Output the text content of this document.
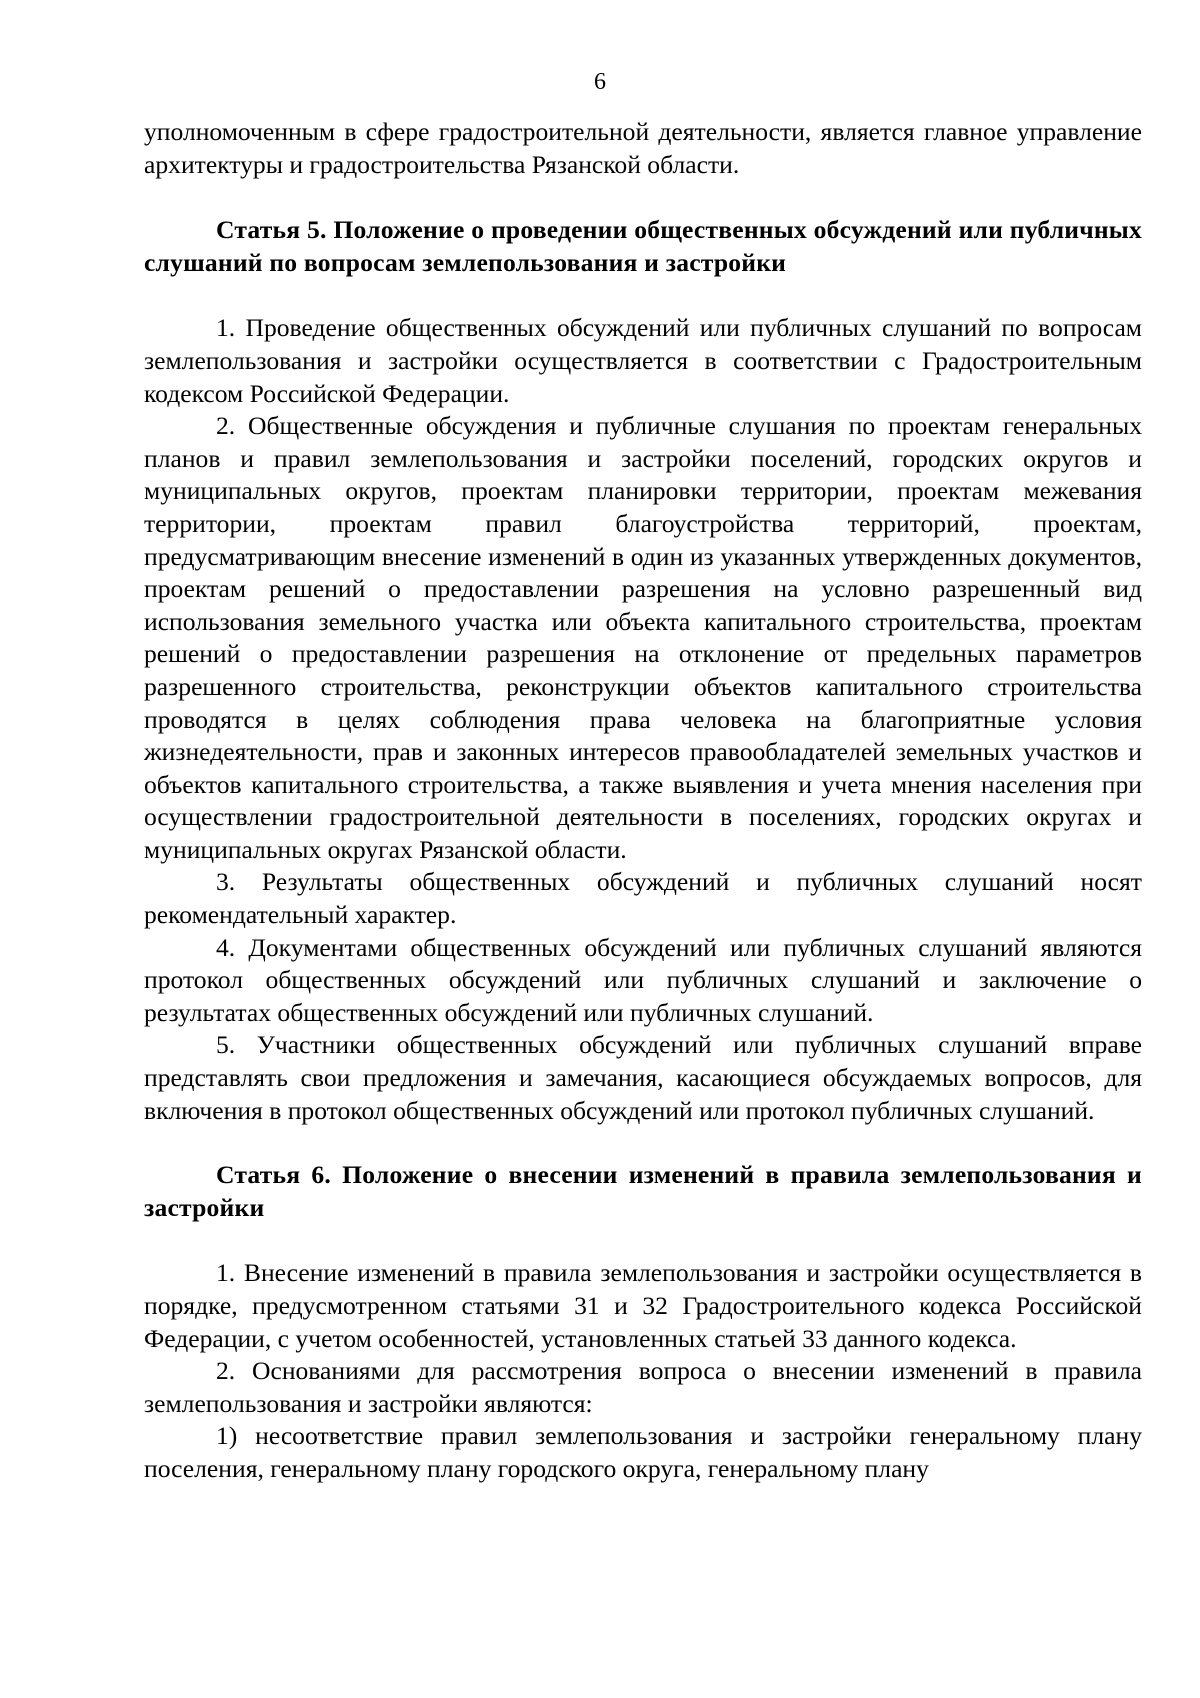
6

уполномоченным в сфере градостроительной деятельности, является главное управление архитектуры и градостроительства Рязанской области.

Статья 5. Положение о проведении общественных обсуждений или публичных слушаний по вопросам землепользования и застройки

1. Проведение общественных обсуждений или публичных слушаний по вопросам землепользования и застройки осуществляется в соответствии с Градостроительным кодексом Российской Федерации.

2. Общественные обсуждения и публичные слушания по проектам генеральных планов и правил землепользования и застройки поселений, городских округов и муниципальных округов, проектам планировки территории, проектам межевания территории, проектам правил благоустройства территорий, проектам, предусматривающим внесение изменений в один из указанных утвержденных документов, проектам решений о предоставлении разрешения на условно разрешенный вид использования земельного участка или объекта капитального строительства, проектам решений о предоставлении разрешения на отклонение от предельных параметров разрешенного строительства, реконструкции объектов капитального строительства проводятся в целях соблюдения права человека на благоприятные условия жизнедеятельности, прав и законных интересов правообладателей земельных участков и объектов капитального строительства, а также выявления и учета мнения населения при осуществлении градостроительной деятельности в поселениях, городских округах и муниципальных округах Рязанской области.

3. Результаты общественных обсуждений и публичных слушаний носят рекомендательный характер.

4. Документами общественных обсуждений или публичных слушаний являются протокол общественных обсуждений или публичных слушаний и заключение о результатах общественных обсуждений или публичных слушаний.

5. Участники общественных обсуждений или публичных слушаний вправе представлять свои предложения и замечания, касающиеся обсуждаемых вопросов, для включения в протокол общественных обсуждений или протокол публичных слушаний.

Статья 6. Положение о внесении изменений в правила землепользования и застройки

1. Внесение изменений в правила землепользования и застройки осуществляется в порядке, предусмотренном статьями 31 и 32 Градостроительного кодекса Российской Федерации, с учетом особенностей, установленных статьей 33 данного кодекса.

2. Основаниями для рассмотрения вопроса о внесении изменений в правила землепользования и застройки являются:

1) несоответствие правил землепользования и застройки генеральному плану поселения, генеральному плану городского округа, генеральному плану
